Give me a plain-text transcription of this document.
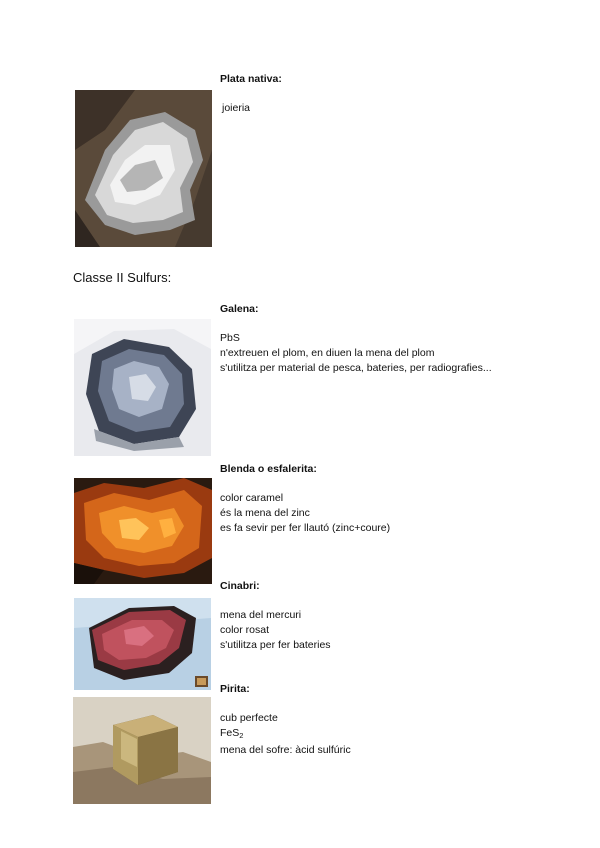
Plata nativa:
joieria
Classe II Sulfurs:
Galena:
PbS
n'extreuen el plom, en diuen la mena del plom
s'utilitza per material de pesca, bateries, per radiografies...
Blenda o esfalerita:
color caramel
és la mena del zinc
es fa sevir per fer llautó (zinc+coure)
Cinabri:
mena del mercuri
color rosat
s'utilitza per fer bateries
Pirita:
cub perfecte
FeS$_2$
mena del sofre: àcid sulfúric
